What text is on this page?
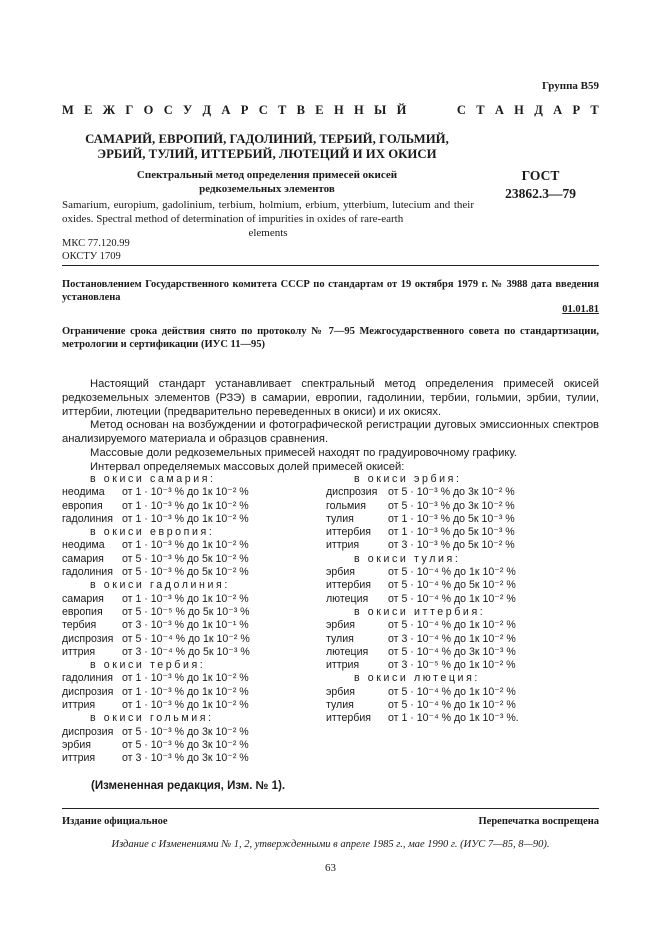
Группа В59
М Е Ж Г О С У Д А Р С Т В Е Н Н Ы Й

	С Т А Н Д А Р Т
САМАРИЙ, ЕВРОПИЙ, ГАДОЛИНИЙ, ТЕРБИЙ, ГОЛЬМИЙ,
ЭРБИЙ, ТУЛИЙ, ИТТЕРБИЙ, ЛЮТЕЦИЙ И ИХ ОКИСИ
Спектральный метод определения примесей окисей
редкоземельных элементов
Samarium, europium, gadolinium, terbium, holmium, erbium, ytterbium, lutecium and their oxides. Spectral method of determination of impurities in oxides of rare-earth
elements
ГОСТ
23862.3—79
МКС 77.120.99
ОКСТУ 1709
Постановлением Государственного комитета СССР по стандартам от 19 октября 1979 г. № 3988 дата введения установлена
01.01.81
Ограничение срока действия снято по протоколу № 7—95 Межгосударственного совета по стандартизации, метрологии и сертификации (ИУС 11—95)

Настоящий стандарт устанавливает спектральный метод определения примесей окисей редкоземельных элементов (РЗЭ) в самарии, европии, гадолинии, тербии, гольмии, эрбии, тулии, иттербии, лютеции (предварительно переведенных в окиси) и их окисях.

Метод основан на возбуждении и фотографической регистрации дуговых эмиссионных спектров анализируемого материала и образцов сравнения.

Массовые доли редкоземельных примесей находят по градуировочному графику.

Интервал определяемых массовых долей примесей окисей:

в окиси самария:
неодима от 1 · 10⁻³ % до 1к 10⁻² %
европия от 1 · 10⁻³ % до 1к 10⁻² %
гадолиния от 1 · 10⁻³ % до 1к 10⁻² %
в окиси европия:
неодима от 1 · 10⁻³ % до 1к 10⁻² %
самария от 5 · 10⁻³ % до 5к 10⁻² %
гадолиния от 5 · 10⁻³ % до 5к 10⁻² %
в окиси гадолиния:
самария от 1 · 10⁻³ % до 1к 10⁻² %
европия от 5 · 10⁻⁵ % до 5к 10⁻³ %
тербия от 3 · 10⁻³ % до 1к 10⁻¹ %
диспрозия от 5 · 10⁻⁴ % до 1к 10⁻² %
иттрия	от 3 · 10⁻⁴ % до 5к 10⁻³ %
в окиси тербия:
гадолиния от 1 · 10⁻³ % до 1к 10⁻² %
диспрозия от 1 · 10⁻³ % до 1к 10⁻² %
иттрия	от 1 · 10⁻³ % до 1к 10⁻² %
в окиси гольмия:
диспрозия от 5 · 10⁻³ % до 3к 10⁻² %
эрбия	от 5 · 10⁻³ % до 3к 10⁻² %
иттрия	от 3 · 10⁻³ % до 3к 10⁻² %
в окиси эрбия:
диспрозия от 5 · 10⁻³ % до 3к 10⁻² %
гольмия от 5 · 10⁻³ % до 3к 10⁻² %
тулия	от 1 · 10⁻³ % до 5к 10⁻³ %
иттербия от 1 · 10⁻³ % до 5к 10⁻³ %
иттрия	от 3 · 10⁻³ % до 5к 10⁻² %
в окиси тулия:
эрбия	от 5 · 10⁻⁴ % до 1к 10⁻² %
иттербия от 5 · 10⁻⁴ % до 5к 10⁻² %
лютеция от 5 · 10⁻⁴ % до 1к 10⁻² %
в окиси иттербия:
эрбия	от 5 · 10⁻⁴ % до 1к 10⁻² %
тулия	от 3 · 10⁻⁴ % до 1к 10⁻² %
лютеция от 5 · 10⁻⁴ % до 3к 10⁻³ %
иттрия	от 3 · 10⁻⁵ % до 1к 10⁻² %
в окиси лютеция:
эрбия	от 5 · 10⁻⁴ % до 1к 10⁻² %
тулия	от 5 · 10⁻⁴ % до 1к 10⁻² %
иттербия от 1 · 10⁻⁴ % до 1к 10⁻³ %.
(Измененная редакция, Изм. № 1).
Издание официальное	Перепечатка воспрещена
Издание с Изменениями № 1, 2, утвержденными в апреле 1985 г., мае 1990 г. (ИУС 7—85, 8—90).
63
